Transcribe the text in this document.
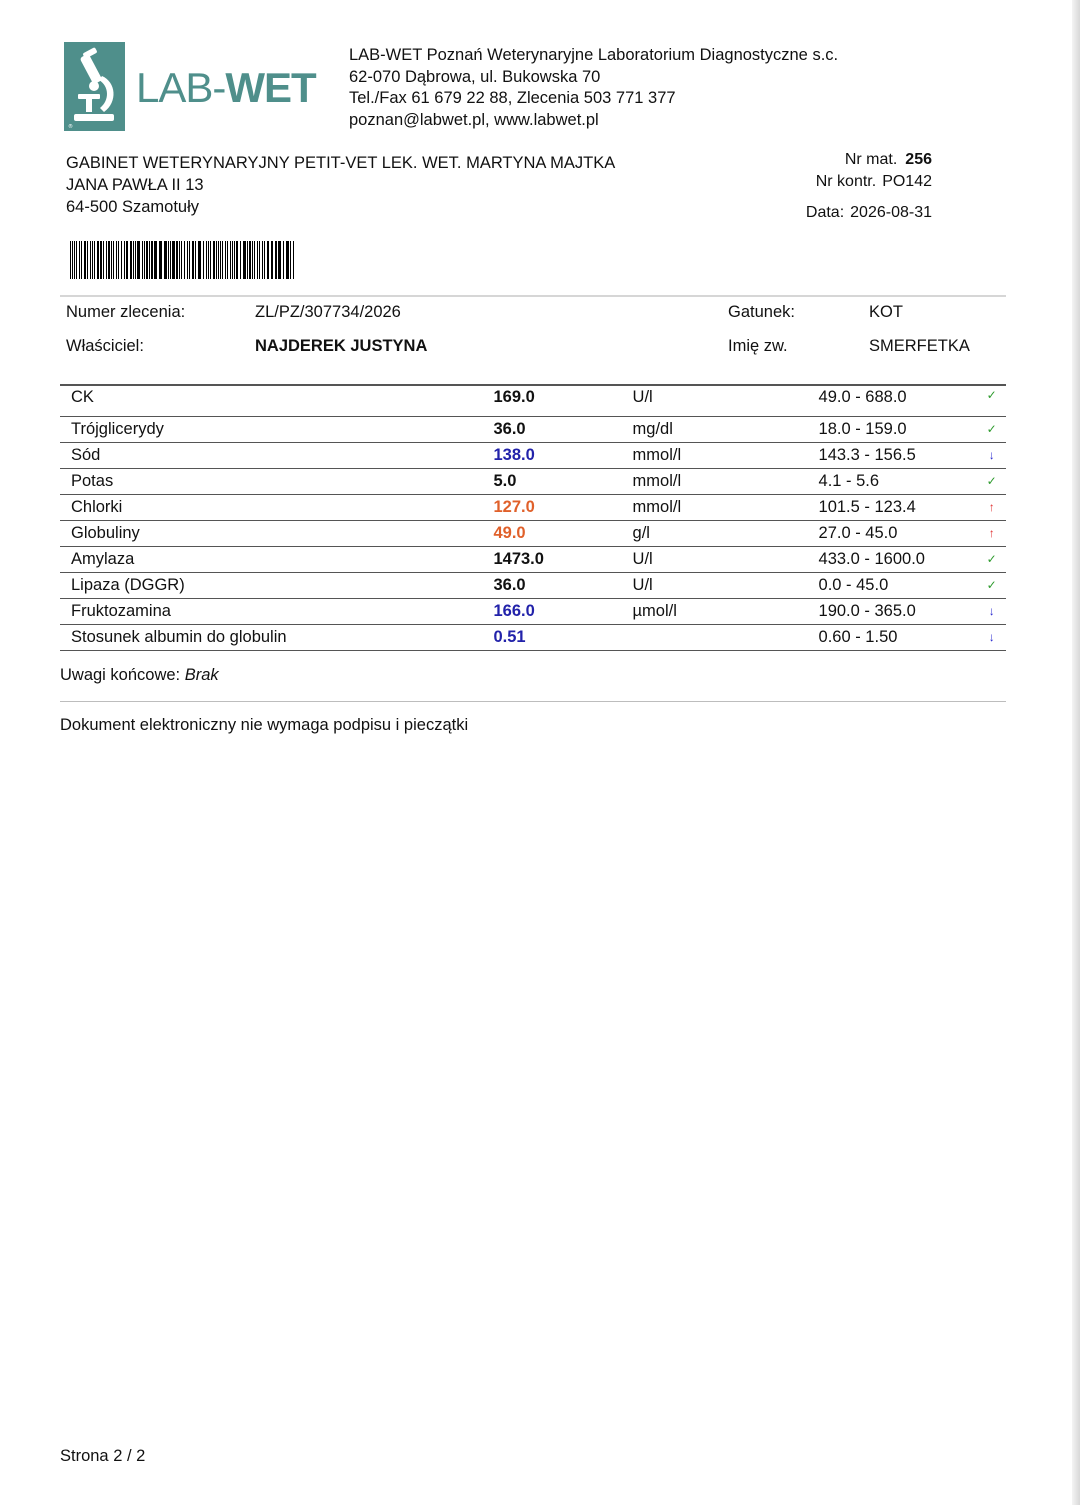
®
LAB-WET
LAB-WET Poznań Weterynaryjne Laboratorium Diagnostyczne s.c.
62-070 Dąbrowa, ul. Bukowska 70
Tel./Fax 61 679 22 88, Zlecenia 503 771 377
poznan@labwet.pl, www.labwet.pl
GABINET WETERYNARYJNY PETIT-VET LEK. WET. MARTYNA MAJTKA
JANA PAWŁA II 13
64-500 Szamotuły
Nr mat. 256
Nr kontr. PO142
Data: 2026-08-31
Numer zlecenia:	ZL/PZ/307734/2026	Gatunek:	KOT
Właściciel:	NAJDEREK JUSTYNA	Imię zw.	SMERFETKA
CK	169.0	U/l	49.0 - 688.0	✓
Trójglicerydy	36.0	mg/dl	18.0 - 159.0	✓
Sód	138.0	mmol/l	143.3 - 156.5	↓
Potas	5.0	mmol/l	4.1 - 5.6	✓
Chlorki	127.0	mmol/l	101.5 - 123.4	↑
Globuliny	49.0	g/l	27.0 - 45.0	↑
Amylaza	1473.0	U/l	433.0 - 1600.0	✓
Lipaza (DGGR)	36.0	U/l	0.0 - 45.0	✓
Fruktozamina	166.0	µmol/l	190.0 - 365.0	↓
Stosunek albumin do globulin	0.51		0.60 - 1.50	↓
Uwagi końcowe: Brak
Dokument elektroniczny nie wymaga podpisu i pieczątki
Strona 2 / 2
